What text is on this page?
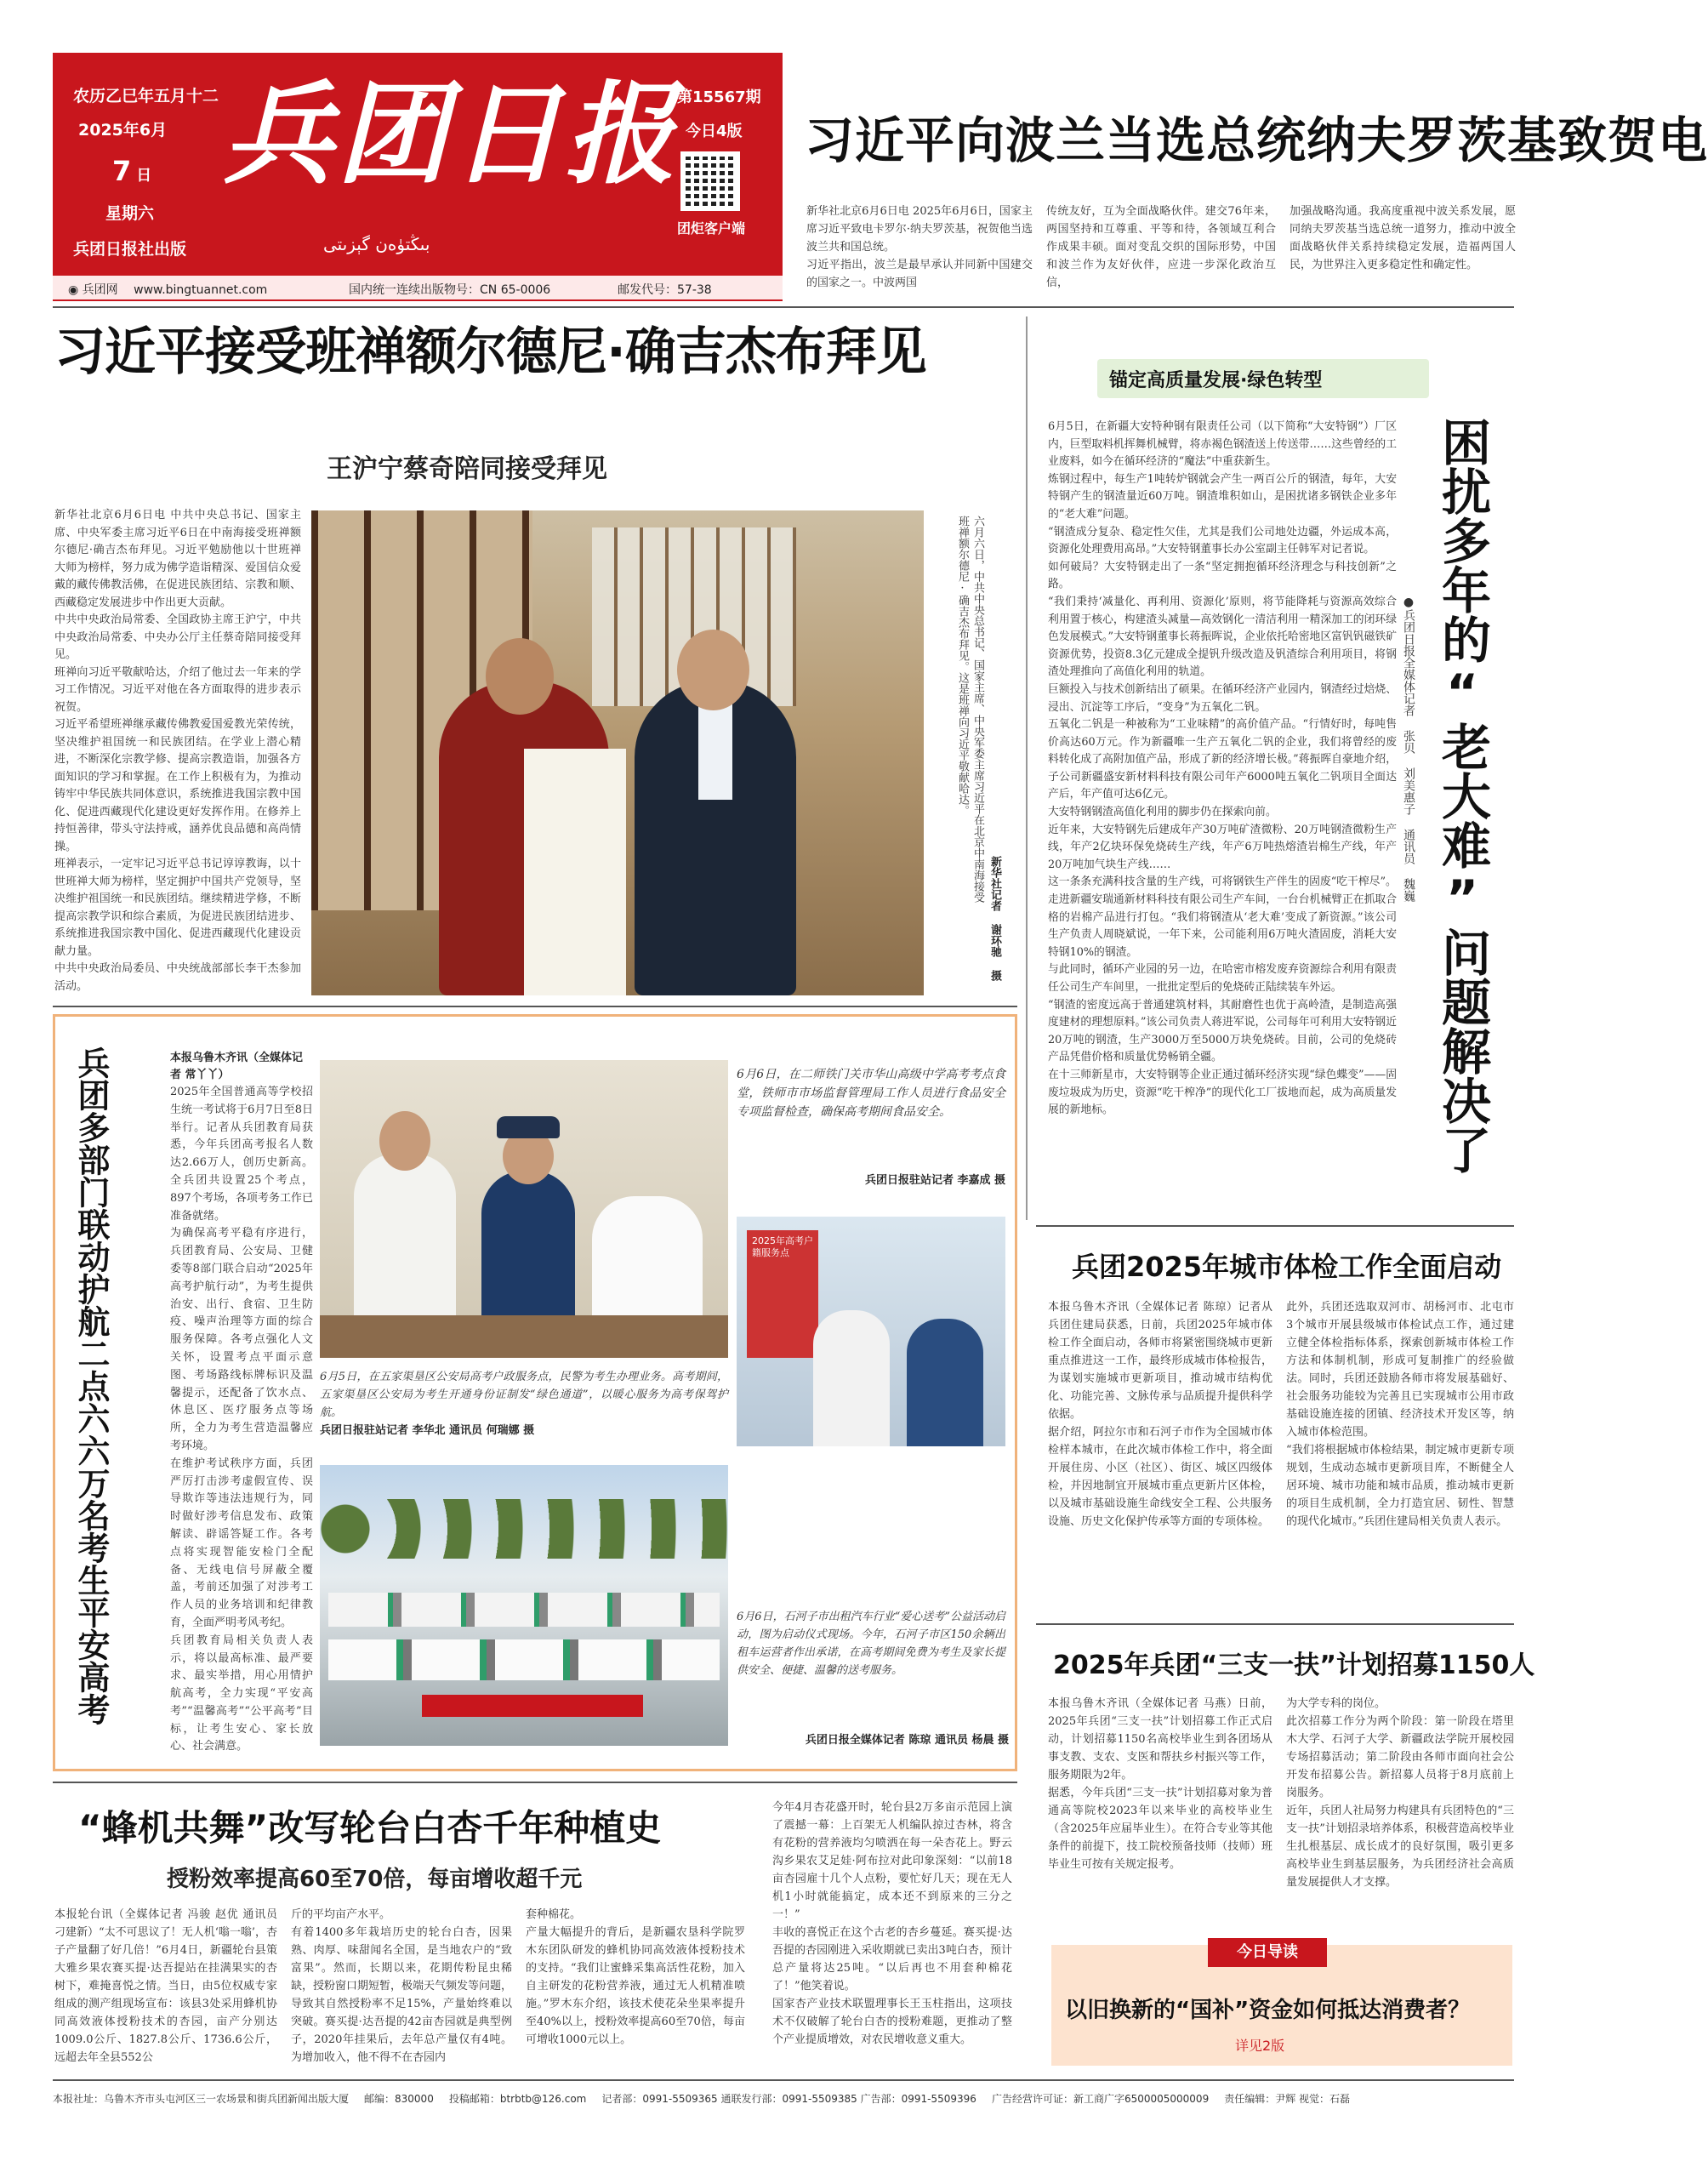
农历乙巳年五月十二
2025年6月
7 日
星期六
兵团日报社出版
兵团日报
بىڭتۈەن گېزىتى
第15567期
今日4版
团炬客户端
◉ 兵团网 www.bingtuannet.com	国内统一连续出版物号：CN 65-0006	邮发代号：57-38
习近平向波兰当选总统纳夫罗茨基致贺电
新华社北京6月6日电 2025年6月6日，国家主席习近平致电卡罗尔·纳夫罗茨基，祝贺他当选波兰共和国总统。
习近平指出，波兰是最早承认并同新中国建交的国家之一。中波两国
传统友好，互为全面战略伙伴。建交76年来，两国坚持和互尊重、平等和待，各领域互利合作成果丰硕。面对变乱交织的国际形势，中国和波兰作为友好伙伴，应进一步深化政治互信，
加强战略沟通。我高度重视中波关系发展，愿同纳夫罗茨基当选总统一道努力，推动中波全面战略伙伴关系持续稳定发展，造福两国人民，为世界注入更多稳定性和确定性。
习近平接受班禅额尔德尼·确吉杰布拜见
王沪宁蔡奇陪同接受拜见
新华社北京6月6日电 中共中央总书记、国家主席、中央军委主席习近平6日在中南海接受班禅额尔德尼·确吉杰布拜见。习近平勉励他以十世班禅大师为榜样，努力成为佛学造诣精深、爱国信众爱戴的藏传佛教活佛，在促进民族团结、宗教和顺、西藏稳定发展进步中作出更大贡献。
中共中央政治局常委、全国政协主席王沪宁，中共中央政治局常委、中央办公厅主任蔡奇陪同接受拜见。
班禅向习近平敬献哈达，介绍了他过去一年来的学习工作情况。习近平对他在各方面取得的进步表示祝贺。
习近平希望班禅继承藏传佛教爱国爱教光荣传统，坚决维护祖国统一和民族团结。在学业上潜心精进，不断深化宗教学修、提高宗教造诣，加强各方面知识的学习和掌握。在工作上积极有为，为推动铸牢中华民族共同体意识，系统推进我国宗教中国化、促进西藏现代化建设更好发挥作用。在修养上持恒善律，带头守法持戒，涵养优良品德和高尚情操。
班禅表示，一定牢记习近平总书记谆谆教诲，以十世班禅大师为榜样，坚定拥护中国共产党领导，坚决维护祖国统一和民族团结。继续精进学修，不断提高宗教学识和综合素质，为促进民族团结进步、系统推进我国宗教中国化、促进西藏现代化建设贡献力量。
中共中央政治局委员、中央统战部部长李干杰参加活动。
六月六日，中共中央总书记、国家主席、中央军委主席习近平在北京中南海接受班禅额尔德尼·确吉杰布拜见。这是班禅向习近平敬献哈达。
新华社记者 谢环驰 摄
兵团多部门联动护航二点六六万名考生平安高考	本报乌鲁木齐讯（全媒体记者 常丫丫）
2025年全国普通高等学校招生统一考试将于6月7日至8日举行。记者从兵团教育局获悉，今年兵团高考报名人数达2.66万人，创历史新高。全兵团共设置25个考点，897个考场，各项考务工作已准备就绪。
为确保高考平稳有序进行，兵团教育局、公安局、卫健委等8部门联合启动“2025年高考护航行动”，为考生提供治安、出行、食宿、卫生防疫、噪声治理等方面的综合服务保障。各考点强化人文关怀，设置考点平面示意图、考场路线标牌标识及温馨提示，还配备了饮水点、休息区、医疗服务点等场所，全力为考生营造温馨应考环境。
在维护考试秩序方面，兵团严厉打击涉考虚假宣传、误导欺诈等违法违规行为，同时做好涉考信息发布、政策解读、辟谣答疑工作。各考点将实现智能安检门全配备、无线电信号屏蔽全覆盖，考前还加强了对涉考工作人员的业务培训和纪律教育，全面严明考风考纪。
兵团教育局相关负责人表示，将以最高标准、最严要求、最实举措，用心用情护航高考，全力实现“平安高考”“温馨高考”“公平高考”目标，让考生安心、家长放心、社会满意。
6月6日，在二师铁门关市华山高级中学高考考点食堂，铁师市市场监督管理局工作人员进行食品安全专项监督检查，确保高考期间食品安全。
兵团日报驻站记者 李嘉成 摄
2025年高考户籍服务点
6月5日，在五家渠垦区公安局高考户政服务点，民警为考生办理业务。高考期间，五家渠垦区公安局为考生开通身份证制发“绿色通道”，以暖心服务为高考保驾护航。
兵团日报驻站记者 李华北 通讯员 何瑞娜 摄
6月6日，石河子市出租汽车行业“爱心送考”公益活动启动，图为启动仪式现场。今年，石河子市区150余辆出租车运营者作出承诺，在高考期间免费为考生及家长提供安全、便捷、温馨的送考服务。
兵团日报全媒体记者 陈琼 通讯员 杨晨 摄
“蜂机共舞”改写轮台白杏千年种植史
授粉效率提高60至70倍，每亩增收超千元
本报轮台讯（全媒体记者 冯骏 赵优 通讯员 刁建新）“太不可思议了！无人机‘嗡一嗡’，杏子产量翻了好几倍！”6月4日，新疆轮台县策大雅乡果农赛买提·达吾提站在挂满果实的杏树下，难掩喜悦之情。当日，由5位权威专家组成的测产组现场宣布：该县3处采用蜂机协同高效液体授粉技术的杏园，亩产分别达1009.0公斤、1827.8公斤、1736.6公斤，远超去年全县552公
斤的平均亩产水平。
有着1400多年栽培历史的轮台白杏，因果熟、肉厚、味甜闻名全国，是当地农户的“致富果”。然而，长期以来，花期传粉昆虫稀缺，授粉窗口期短暂，极端天气频发等问题，导致其自然授粉率不足15%，产量始终难以突破。赛买提·达吾提的42亩杏园就是典型例子，2020年挂果后，去年总产量仅有4吨。为增加收入，他不得不在杏园内
套种棉花。
产量大幅提升的背后，是新疆农垦科学院罗木东团队研发的蜂机协同高效液体授粉技术的支持。“我们让蜜蜂采集高活性花粉，加入自主研发的花粉营养液，通过无人机精准喷施。”罗木东介绍，该技术使花朵坐果率提升至40%以上，授粉效率提高60至70倍，每亩可增收1000元以上。
今年4月杏花盛开时，轮台县2万多亩示范园上演了震撼一幕：上百架无人机编队掠过杏林，将含有花粉的营养液均匀喷洒在每一朵杏花上。野云沟乡果农艾足娃·阿布拉对此印象深刻：“以前18亩杏园雇十几个人点粉，要忙好几天；现在无人机1小时就能搞定，成本还不到原来的三分之一！”
丰收的喜悦正在这个古老的杏乡蔓延。赛买提·达吾提的杏园刚进入采收期就已卖出3吨白杏，预计总产量将达25吨。“以后再也不用套种棉花了！”他笑着说。
国家杏产业技术联盟理事长王玉柱指出，这项技术不仅破解了轮台白杏的授粉难题，更推动了整个产业提质增效，对农民增收意义重大。
锚定高质量发展·绿色转型
6月5日，在新疆大安特种钢有限责任公司（以下简称“大安特钢”）厂区内，巨型取料机挥舞机械臂，将赤褐色钢渣送上传送带……这些曾经的工业废料，如今在循环经济的“魔法”中重获新生。
炼钢过程中，每生产1吨转炉钢就会产生一两百公斤的钢渣，每年，大安特钢产生的钢渣量近60万吨。钢渣堆积如山，是困扰诸多钢铁企业多年的“老大难”问题。
“钢渣成分复杂、稳定性欠佳，尤其是我们公司地处边疆，外运成本高，资源化处理费用高昂。”大安特钢董事长办公室副主任韩军对记者说。
如何破局？大安特钢走出了一条“坚定拥抱循环经济理念与科技创新”之路。
“我们秉持‘减量化、再利用、资源化’原则，将节能降耗与资源高效综合利用置于核心，构建渣头减量—高效钢化一清洁利用一精深加工的闭环绿色发展模式。”大安特钢董事长蒋振晖说，企业依托哈密地区富钒钒磁铁矿资源优势，投资8.3亿元建成全提钒升级改造及钒渣综合利用项目，将钢渣处理推向了高值化利用的轨道。
巨额投入与技术创新结出了硕果。在循环经济产业园内，钢渣经过焙烧、浸出、沉淀等工序后，“变身”为五氧化二钒。
五氧化二钒是一种被称为“工业味精”的高价值产品。“行情好时，每吨售价高达60万元。作为新疆唯一生产五氧化二钒的企业，我们将曾经的废料转化成了高附加值产品，形成了新的经济增长极。”蒋振晖自豪地介绍，子公司新疆盛安新材料科技有限公司年产6000吨五氧化二钒项目全面达产后，年产值可达6亿元。
大安特钢钢渣高值化利用的脚步仍在探索向前。
近年来，大安特钢先后建成年产30万吨矿渣微粉、20万吨钢渣微粉生产线，年产2亿块环保免烧砖生产线，年产6万吨热熔渣岩棉生产线，年产20万吨加气块生产线……
这一条条充满科技含量的生产线，可将钢铁生产伴生的固废“吃干榨尽”。
走进新疆安瑞通新材料科技有限公司生产车间，一台台机械臂正在抓取合格的岩棉产品进行打包。“我们将钢渣从‘老大难’变成了新资源。”该公司生产负责人周晓斌说，一年下来，公司能利用6万吨火渣固废，消耗大安特钢10%的钢渣。
与此同时，循环产业园的另一边，在哈密市榕发废弃资源综合利用有限责任公司生产车间里，一批批定型后的免烧砖正陆续装车外运。
“钢渣的密度远高于普通建筑材料，其耐磨性也优于高岭渣，是制造高强度建材的理想原料。”该公司负责人蒋进军说，公司每年可利用大安特钢近20万吨的钢渣，生产3000万至5000万块免烧砖。目前，公司的免烧砖产品凭借价格和质量优势畅销全疆。
在十三师新星市，大安特钢等企业正通过循环经济实现“绿色蝶变”——固废垃圾成为历史，资源“吃干榨净”的现代化工厂拔地而起，成为高质量发展的新地标。	困扰多年的“老大难”问题解决了
●兵团日报全媒体记者 张贝 刘美惠子 通讯员 魏巍
兵团2025年城市体检工作全面启动
本报乌鲁木齐讯（全媒体记者 陈琼）记者从兵团住建局获悉，日前，兵团2025年城市体检工作全面启动，各师市将紧密围绕城市更新重点推进这一工作，最终形成城市体检报告，为谋划实施城市更新项目，推动城市结构优化、功能完善、文脉传承与品质提升提供科学依据。
据介绍，阿拉尔市和石河子市作为全国城市体检样本城市，在此次城市体检工作中，将全面开展住房、小区（社区）、街区、城区四级体检，并因地制宜开展城市重点更新片区体检，以及城市基础设施生命线安全工程、公共服务设施、历史文化保护传承等方面的专项体检。
此外，兵团还选取双河市、胡杨河市、北屯市3个城市开展县级城市体检试点工作，通过建立健全体检指标体系，探索创新城市体检工作方法和体制机制，形成可复制推广的经验做法。同时，兵团还鼓励各师市将发展基础好、社会服务功能较为完善且已实现城市公用市政基础设施连接的团镇、经济技术开发区等，纳入城市体检范围。
“我们将根据城市体检结果，制定城市更新专项规划，生成动态城市更新项目库，不断健全人居环境、城市功能和城市品质，推动城市更新的项目生成机制，全力打造宜居、韧性、智慧的现代化城市。”兵团住建局相关负责人表示。
2025年兵团“三支一扶”计划招募1150人
本报乌鲁木齐讯（全媒体记者 马燕）日前，2025年兵团“三支一扶”计划招募工作正式启动，计划招募1150名高校毕业生到各团场从事支教、支农、支医和帮扶乡村振兴等工作，服务期限为2年。
据悉，今年兵团“三支一扶”计划招募对象为普通高等院校2023年以来毕业的高校毕业生（含2025年应届毕业生）。在符合专业等其他条件的前提下，技工院校预备技师（技师）班毕业生可按有关规定报考。
为大学专科的岗位。
此次招募工作分为两个阶段：第一阶段在塔里木大学、石河子大学、新疆政法学院开展校园专场招募活动；第二阶段由各师市面向社会公开发布招募公告。新招募人员将于8月底前上岗服务。
近年，兵团人社局努力构建具有兵团特色的“三支一扶”计划招录培养体系，积极营造高校毕业生扎根基层、成长成才的良好氛围，吸引更多高校毕业生到基层服务，为兵团经济社会高质量发展提供人才支撑。
今日导读
以旧换新的“国补”资金如何抵达消费者？
详见2版
本报社址：乌鲁木齐市头屯河区三一农场景和街兵团新闻出版大厦 邮编：830000 投稿邮箱：btrbtb@126.com 记者部：0991-5509365 通联发行部：0991-5509385 广告部：0991-5509396 广告经营许可证：新工商广字6500005000009 责任编辑：尹辉 视觉：石磊
